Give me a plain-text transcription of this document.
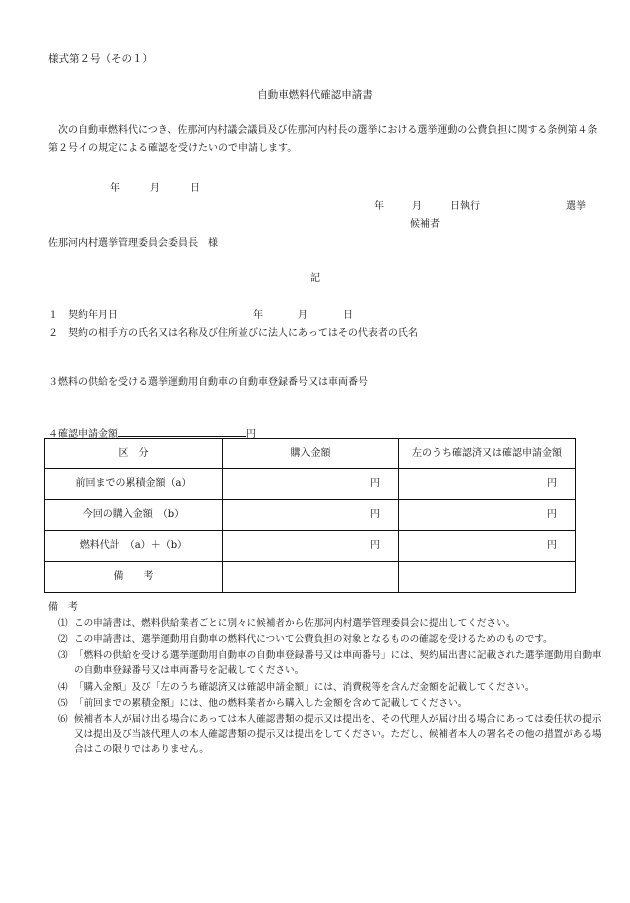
様式第２号（その１）
自動車燃料代確認申請書
次の自動車燃料代につき、佐那河内村議会議員及び佐那河内村長の選挙における選挙運動の公費負担に関する条例第４条第２号イの規定による確認を受けたいので申請します。
年	月	日
年	月	日執行	選挙
候補者
佐那河内村選挙管理委員会委員長　様
記
１　契約年月日	年	月	日
２　契約の相手方の氏名又は名称及び住所並びに法人にあってはその代表者の氏名
３燃料の供給を受ける選挙運動用自動車の自動車登録番号又は車両番号
４確認申請金額	円
区　分	購入金額	左のうち確認済又は確認申請金額
前回までの累積金額（a）	円	円
今回の購入金額　（b）	円	円
燃料代計　（a）＋（b）	円	円
備　　考		
備　考
⑴ この申請書は、燃料供給業者ごとに別々に候補者から佐那河内村選挙管理委員会に提出してください。
⑵ この申請書は、選挙運動用自動車の燃料代について公費負担の対象となるものの確認を受けるためのものです。
⑶ 「燃料の供給を受ける選挙運動用自動車の自動車登録番号又は車両番号」には、契約届出書に記載された選挙運動用自動車の自動車登録番号又は車両番号を記載してください。
⑷ 「購入金額」及び「左のうち確認済又は確認申請金額」には、消費税等を含んだ金額を記載してください。
⑸ 「前回までの累積金額」には、他の燃料業者から購入した金額を含めて記載してください。
⑹ 候補者本人が届け出る場合にあっては本人確認書類の提示又は提出を、その代理人が届け出る場合にあっては委任状の提示又は提出及び当該代理人の本人確認書類の提示又は提出をしてください。ただし、候補者本人の署名その他の措置がある場合はこの限りではありません。
